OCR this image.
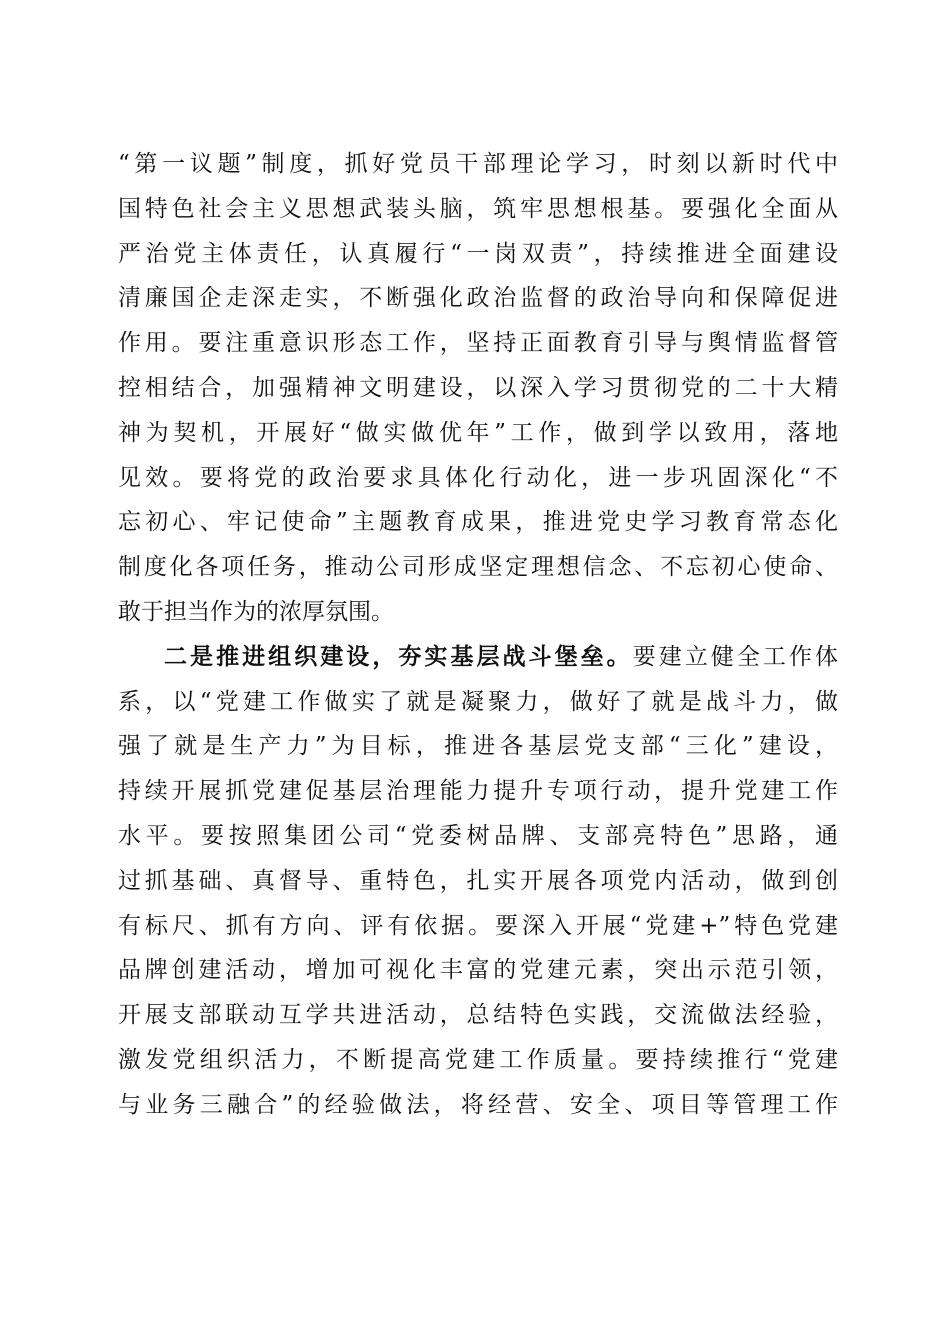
“第一议题”制度，抓好党员干部理论学习，时刻以新时代中
国特色社会主义思想武装头脑，筑牢思想根基。要强化全面从
严治党主体责任，认真履行“一岗双责”，持续推进全面建设
清廉国企走深走实，不断强化政治监督的政治导向和保障促进
作用。要注重意识形态工作，坚持正面教育引导与舆情监督管
控相结合，加强精神文明建设，以深入学习贯彻党的二十大精
神为契机，开展好“做实做优年”工作，做到学以致用，落地
见效。要将党的政治要求具体化行动化，进一步巩固深化“不
忘初心、牢记使命”主题教育成果，推进党史学习教育常态化
制度化各项任务，推动公司形成坚定理想信念、不忘初心使命、
敢于担当作为的浓厚氛围。
二是推进组织建设，夯实基层战斗堡垒。要建立健全工作体
系，以“党建工作做实了就是凝聚力，做好了就是战斗力，做
强了就是生产力”为目标，推进各基层党支部“三化”建设，
持续开展抓党建促基层治理能力提升专项行动，提升党建工作
水平。要按照集团公司“党委树品牌、支部亮特色”思路，通
过抓基础、真督导、重特色，扎实开展各项党内活动，做到创
有标尺、抓有方向、评有依据。要深入开展“党建+”特色党建
品牌创建活动，增加可视化丰富的党建元素，突出示范引领，
开展支部联动互学共进活动，总结特色实践，交流做法经验，
激发党组织活力，不断提高党建工作质量。要持续推行“党建
与业务三融合”的经验做法，将经营、安全、项目等管理工作
